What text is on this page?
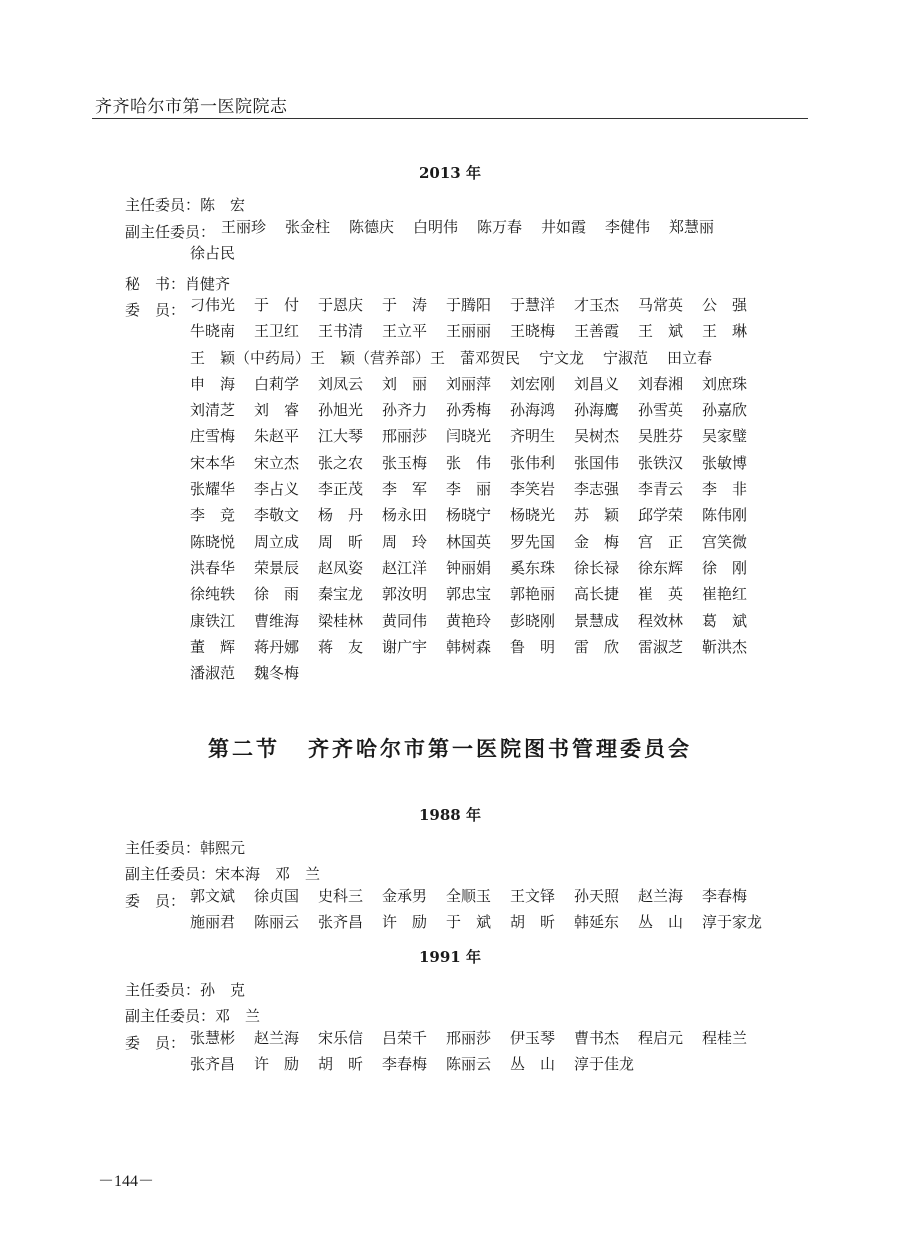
齐齐哈尔市第一医院院志
2013 年
主任委员：陈　宏
副主任委员： 王丽珍 张金柱 陈德庆 白明伟 陈万春 井如霞 李健伟 郑慧丽
徐占民
秘　书：肖健齐
委　员： 刁伟光 于　付 于恩庆 于　涛 于腾阳 于慧洋 才玉杰 马常英 公　强
牛晓南 王卫红 王书清 王立平 王丽丽 王晓梅 王善霞 王　斌 王　琳
王　颖（中药局）王　颖（营养部）王　蕾邓贺民 宁文龙 宁淑范 田立春
申　海 白莉学 刘凤云 刘　丽 刘丽萍 刘宏刚 刘昌义 刘春湘 刘庶珠
刘清芝 刘　睿 孙旭光 孙齐力 孙秀梅 孙海鸿 孙海鹰 孙雪英 孙嘉欣
庄雪梅 朱赵平 江大琴 邢丽莎 闫晓光 齐明生 吴树杰 吴胜芬 吴家璧
宋本华 宋立杰 张之农 张玉梅 张　伟 张伟利 张国伟 张铁汉 张敏博
张耀华 李占义 李正茂 李　军 李　丽 李笑岩 李志强 李青云 李　非
李　竞 李敬文 杨　丹 杨永田 杨晓宁 杨晓光 苏　颖 邱学荣 陈伟刚
陈晓悦 周立成 周　昕 周　玲 林国英 罗先国 金　梅 宫　正 宫笑微
洪春华 荣景辰 赵凤姿 赵江洋 钟丽娟 奚东珠 徐长禄 徐东辉 徐　刚
徐纯轶 徐　雨 秦宝龙 郭汝明 郭忠宝 郭艳丽 高长捷 崔　英 崔艳红
康铁江 曹维海 梁桂林 黄同伟 黄艳玲 彭晓刚 景慧成 程效林 葛　斌
董　辉 蒋丹娜 蒋　友 谢广宇 韩树森 鲁　明 雷　欣 雷淑芝 靳洪杰
潘淑范 魏冬梅
第二节 齐齐哈尔市第一医院图书管理委员会
1988 年
主任委员：韩熙元
副主任委员：宋本海　邓　兰
委　员： 郭文斌 徐贞国 史科三 金承男 全顺玉 王文铎 孙天照 赵兰海 李春梅
施丽君 陈丽云 张齐昌 许　励 于　斌 胡　昕 韩延东 丛　山 淳于家龙
1991 年
主任委员：孙　克
副主任委员：邓　兰
委　员： 张慧彬 赵兰海 宋乐信 吕荣千 邢丽莎 伊玉琴 曹书杰 程启元 程桂兰
张齐昌 许　励 胡　昕 李春梅 陈丽云 丛　山 淳于佳龙
－144－
